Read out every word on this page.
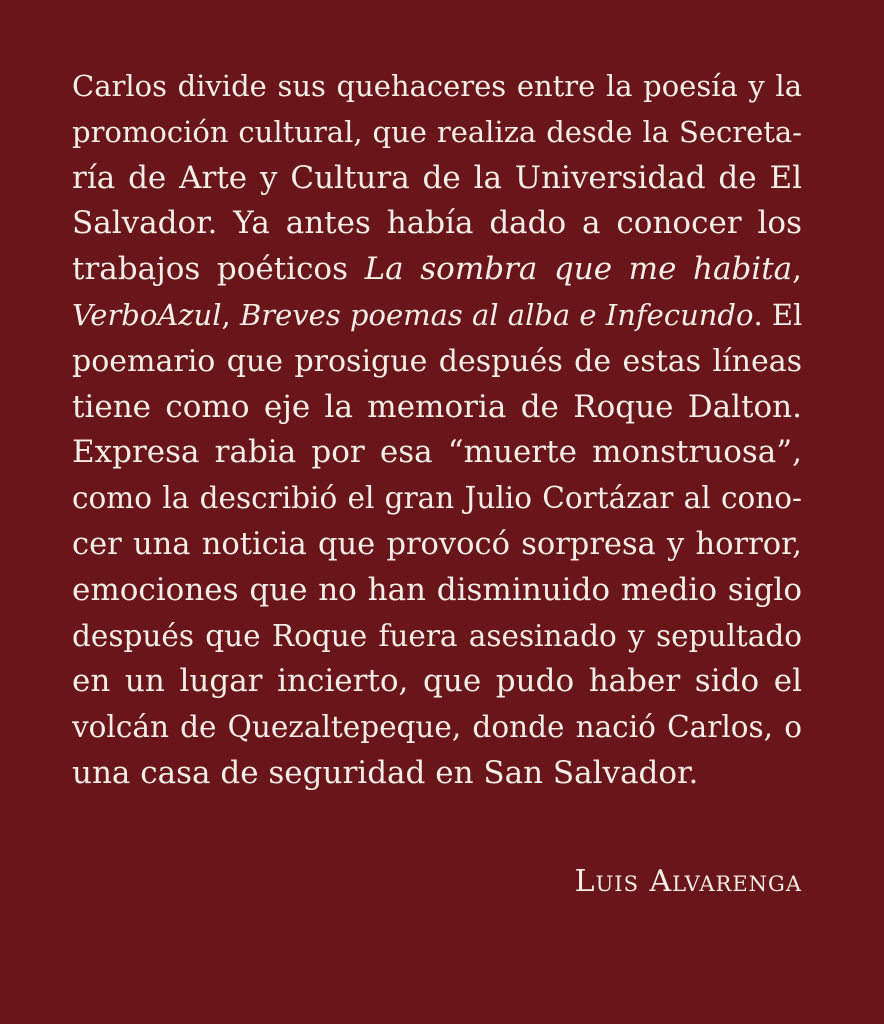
Carlos divide sus quehaceres entre la poesía y la
promoción cultural, que realiza desde la Secreta-
ría de Arte y Cultura de la Universidad de El
Salvador. Ya antes había dado a conocer los
trabajos poéticos La sombra que me habita,
VerboAzul, Breves poemas al alba e Infecundo. El
poemario que prosigue después de estas líneas
tiene como eje la memoria de Roque Dalton.
Expresa rabia por esa “muerte monstruosa”,
como la describió el gran Julio Cortázar al cono-
cer una noticia que provocó sorpresa y horror,
emociones que no han disminuido medio siglo
después que Roque fuera asesinado y sepultado
en un lugar incierto, que pudo haber sido el
volcán de Quezaltepeque, donde nació Carlos, o
una casa de seguridad en San Salvador.
Luis Alvarenga
